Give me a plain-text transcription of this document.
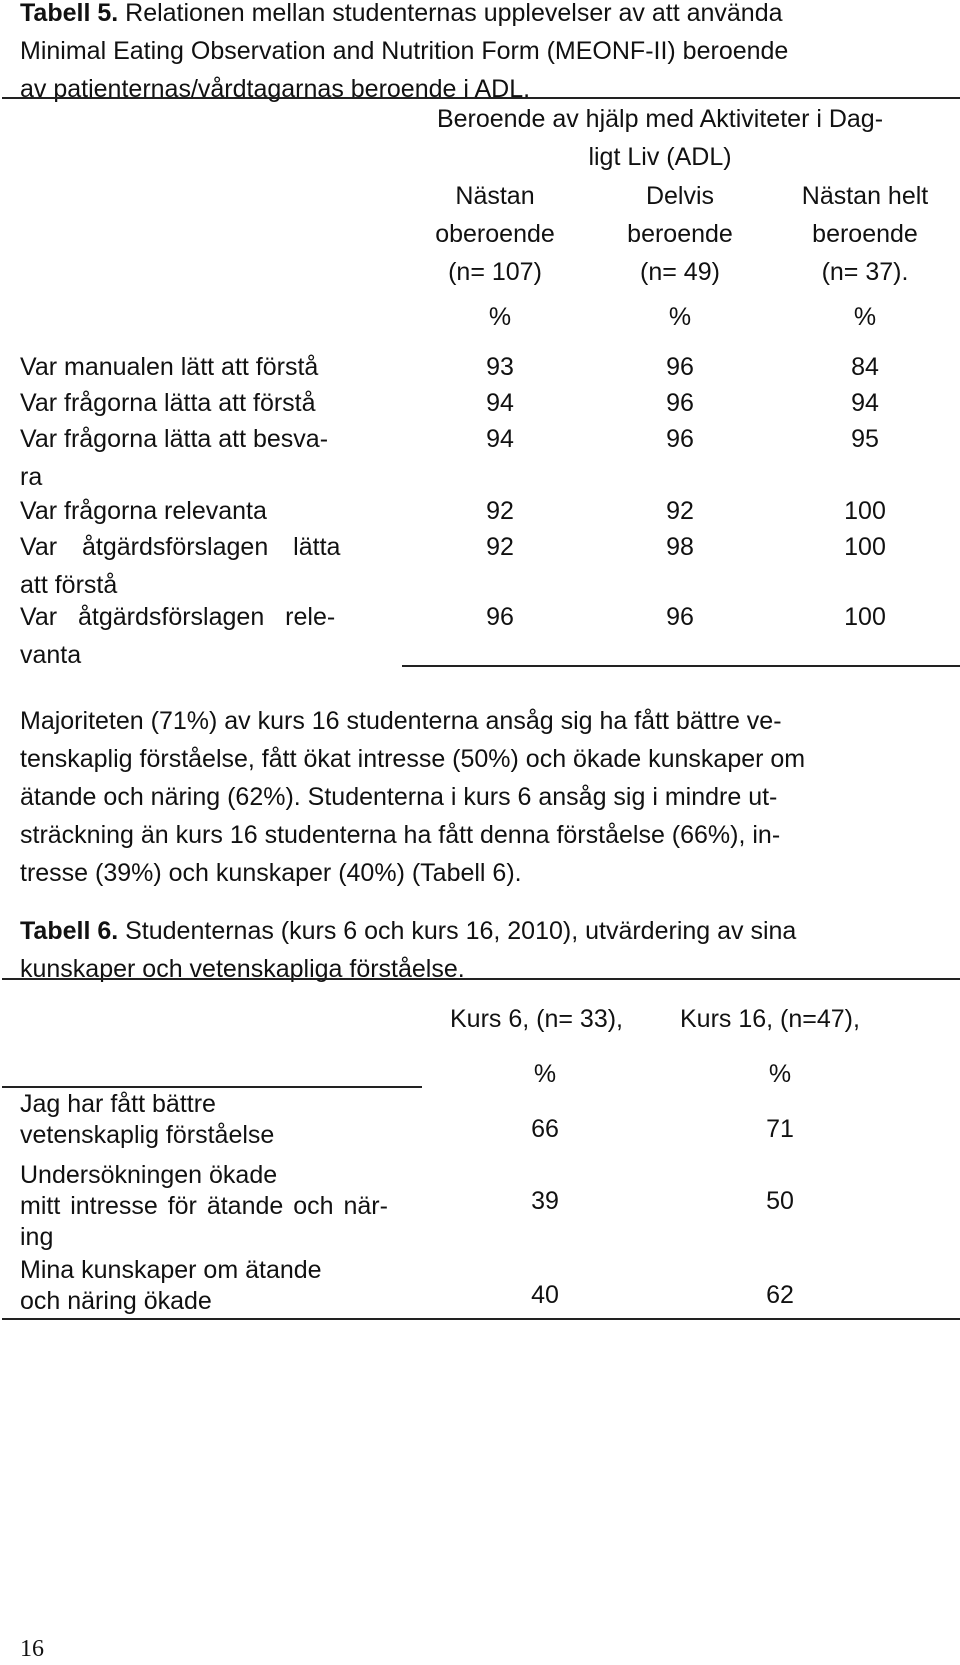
Tabell 5. Relationen mellan studenternas upplevelser av att använda
Minimal Eating Observation and Nutrition Form (MEONF-II) beroende
av patienternas/vårdtagarnas beroende i ADL.
Beroende av hjälp med Aktiviteter i Dag-
ligt Liv (ADL)
Nästan
oberoende
(n= 107)
Delvis
beroende
(n= 49)
Nästan helt
beroende
(n= 37).
%	%	%
Var manualen lätt att förstå	93	96	84
Var frågorna lätta att förstå	94	96	94
Var frågorna lätta att besva-
ra
94	96	95
Var frågorna relevanta	92	92	100
Var åtgärdsförslagen lätta
att förstå
92	98	100
Var åtgärdsförslagen rele-
vanta
96	96	100
Majoriteten (71%) av kurs 16 studenterna ansåg sig ha fått bättre ve-
tenskaplig förståelse, fått ökat intresse (50%) och ökade kunskaper om
ätande och näring (62%). Studenterna i kurs 6 ansåg sig i mindre ut-
sträckning än kurs 16 studenterna ha fått denna förståelse (66%), in-
tresse (39%) och kunskaper (40%) (Tabell 6).
Tabell 6. Studenternas (kurs 6 och kurs 16, 2010), utvärdering av sina
kunskaper och vetenskapliga förståelse.
Kurs 6, (n= 33), Kurs 16, (n=47),
%	%
Jag har fått bättre
vetenskaplig förståelse	66	71
Undersökningen ökade
mitt intresse för ätande och när-
ing
39	50
Mina kunskaper om ätande
och näring ökade	40	62
16
